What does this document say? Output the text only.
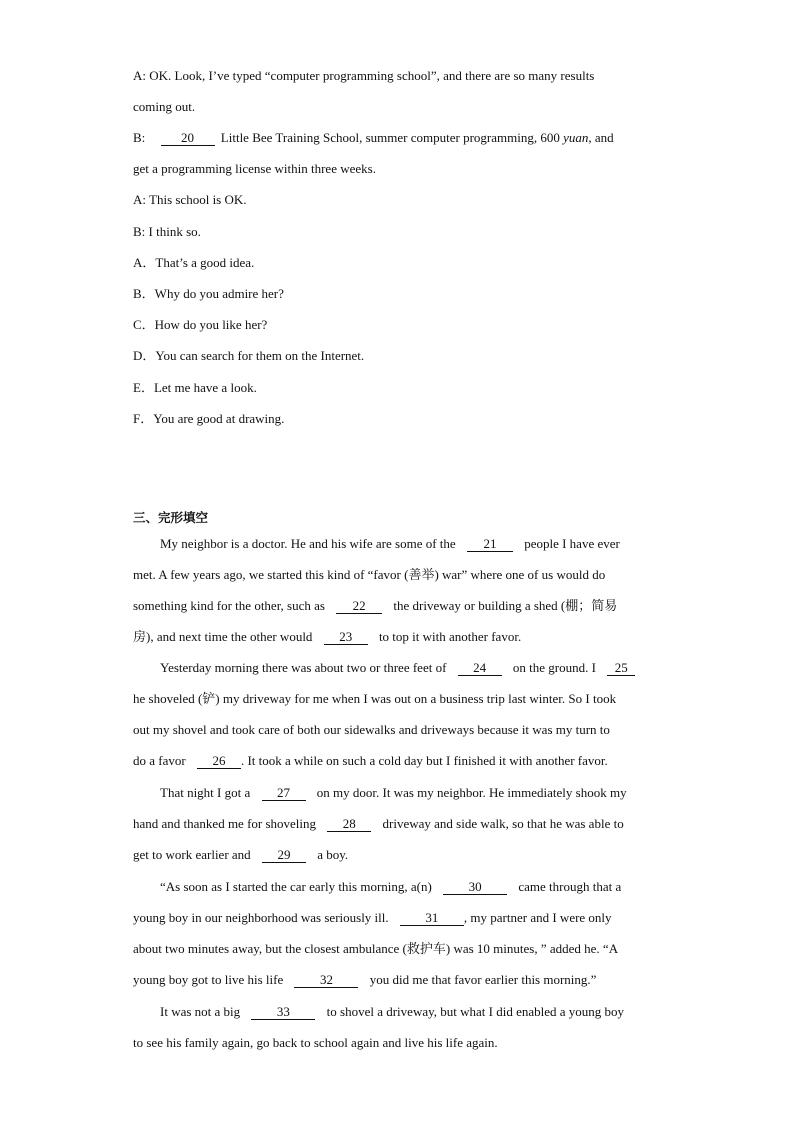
A: OK. Look, I’ve typed “computer programming school”, and there are so many results
coming out.
B:	20 Little Bee Training School, summer computer programming, 600 yuan, and
get a programming license within three weeks.
A: This school is OK.
B: I think so.
A．That’s a good idea.
B．Why do you admire her?
C．How do you like her?
D．You can search for them on the Internet.
E．Let me have a look.
F．You are good at drawing.
三、完形填空
My neighbor is a doctor. He and his wife are some of the 21 people I have ever
met. A few years ago, we started this kind of “favor (善举) war” where one of us would do
something kind for the other, such as 22 the driveway or building a shed (棚；简易
房), and next time the other would 23 to top it with another favor.
Yesterday morning there was about two or three feet of 24 on the ground. I 25
he shoveled (铲) my driveway for me when I was out on a business trip last winter. So I took
out my shovel and took care of both our sidewalks and driveways because it was my turn to
do a favor 26 . It took a while on such a cold day but I finished it with another favor.
That night I got a 27 on my door. It was my neighbor. He immediately shook my
hand and thanked me for shoveling 28 driveway and side walk, so that he was able to
get to work earlier and 29 a boy.
“As soon as I started the car early this morning, a(n)	30	came through that a
young boy in our neighborhood was seriously ill.	31 , my partner and I were only
about two minutes away, but the closest ambulance (救护车) was 10 minutes, ” added he. “A
young boy got to live his life	32	you did me that favor earlier this morning.”
It was not a big	33	to shovel a driveway, but what I did enabled a young boy
to see his family again, go back to school again and live his life again.
